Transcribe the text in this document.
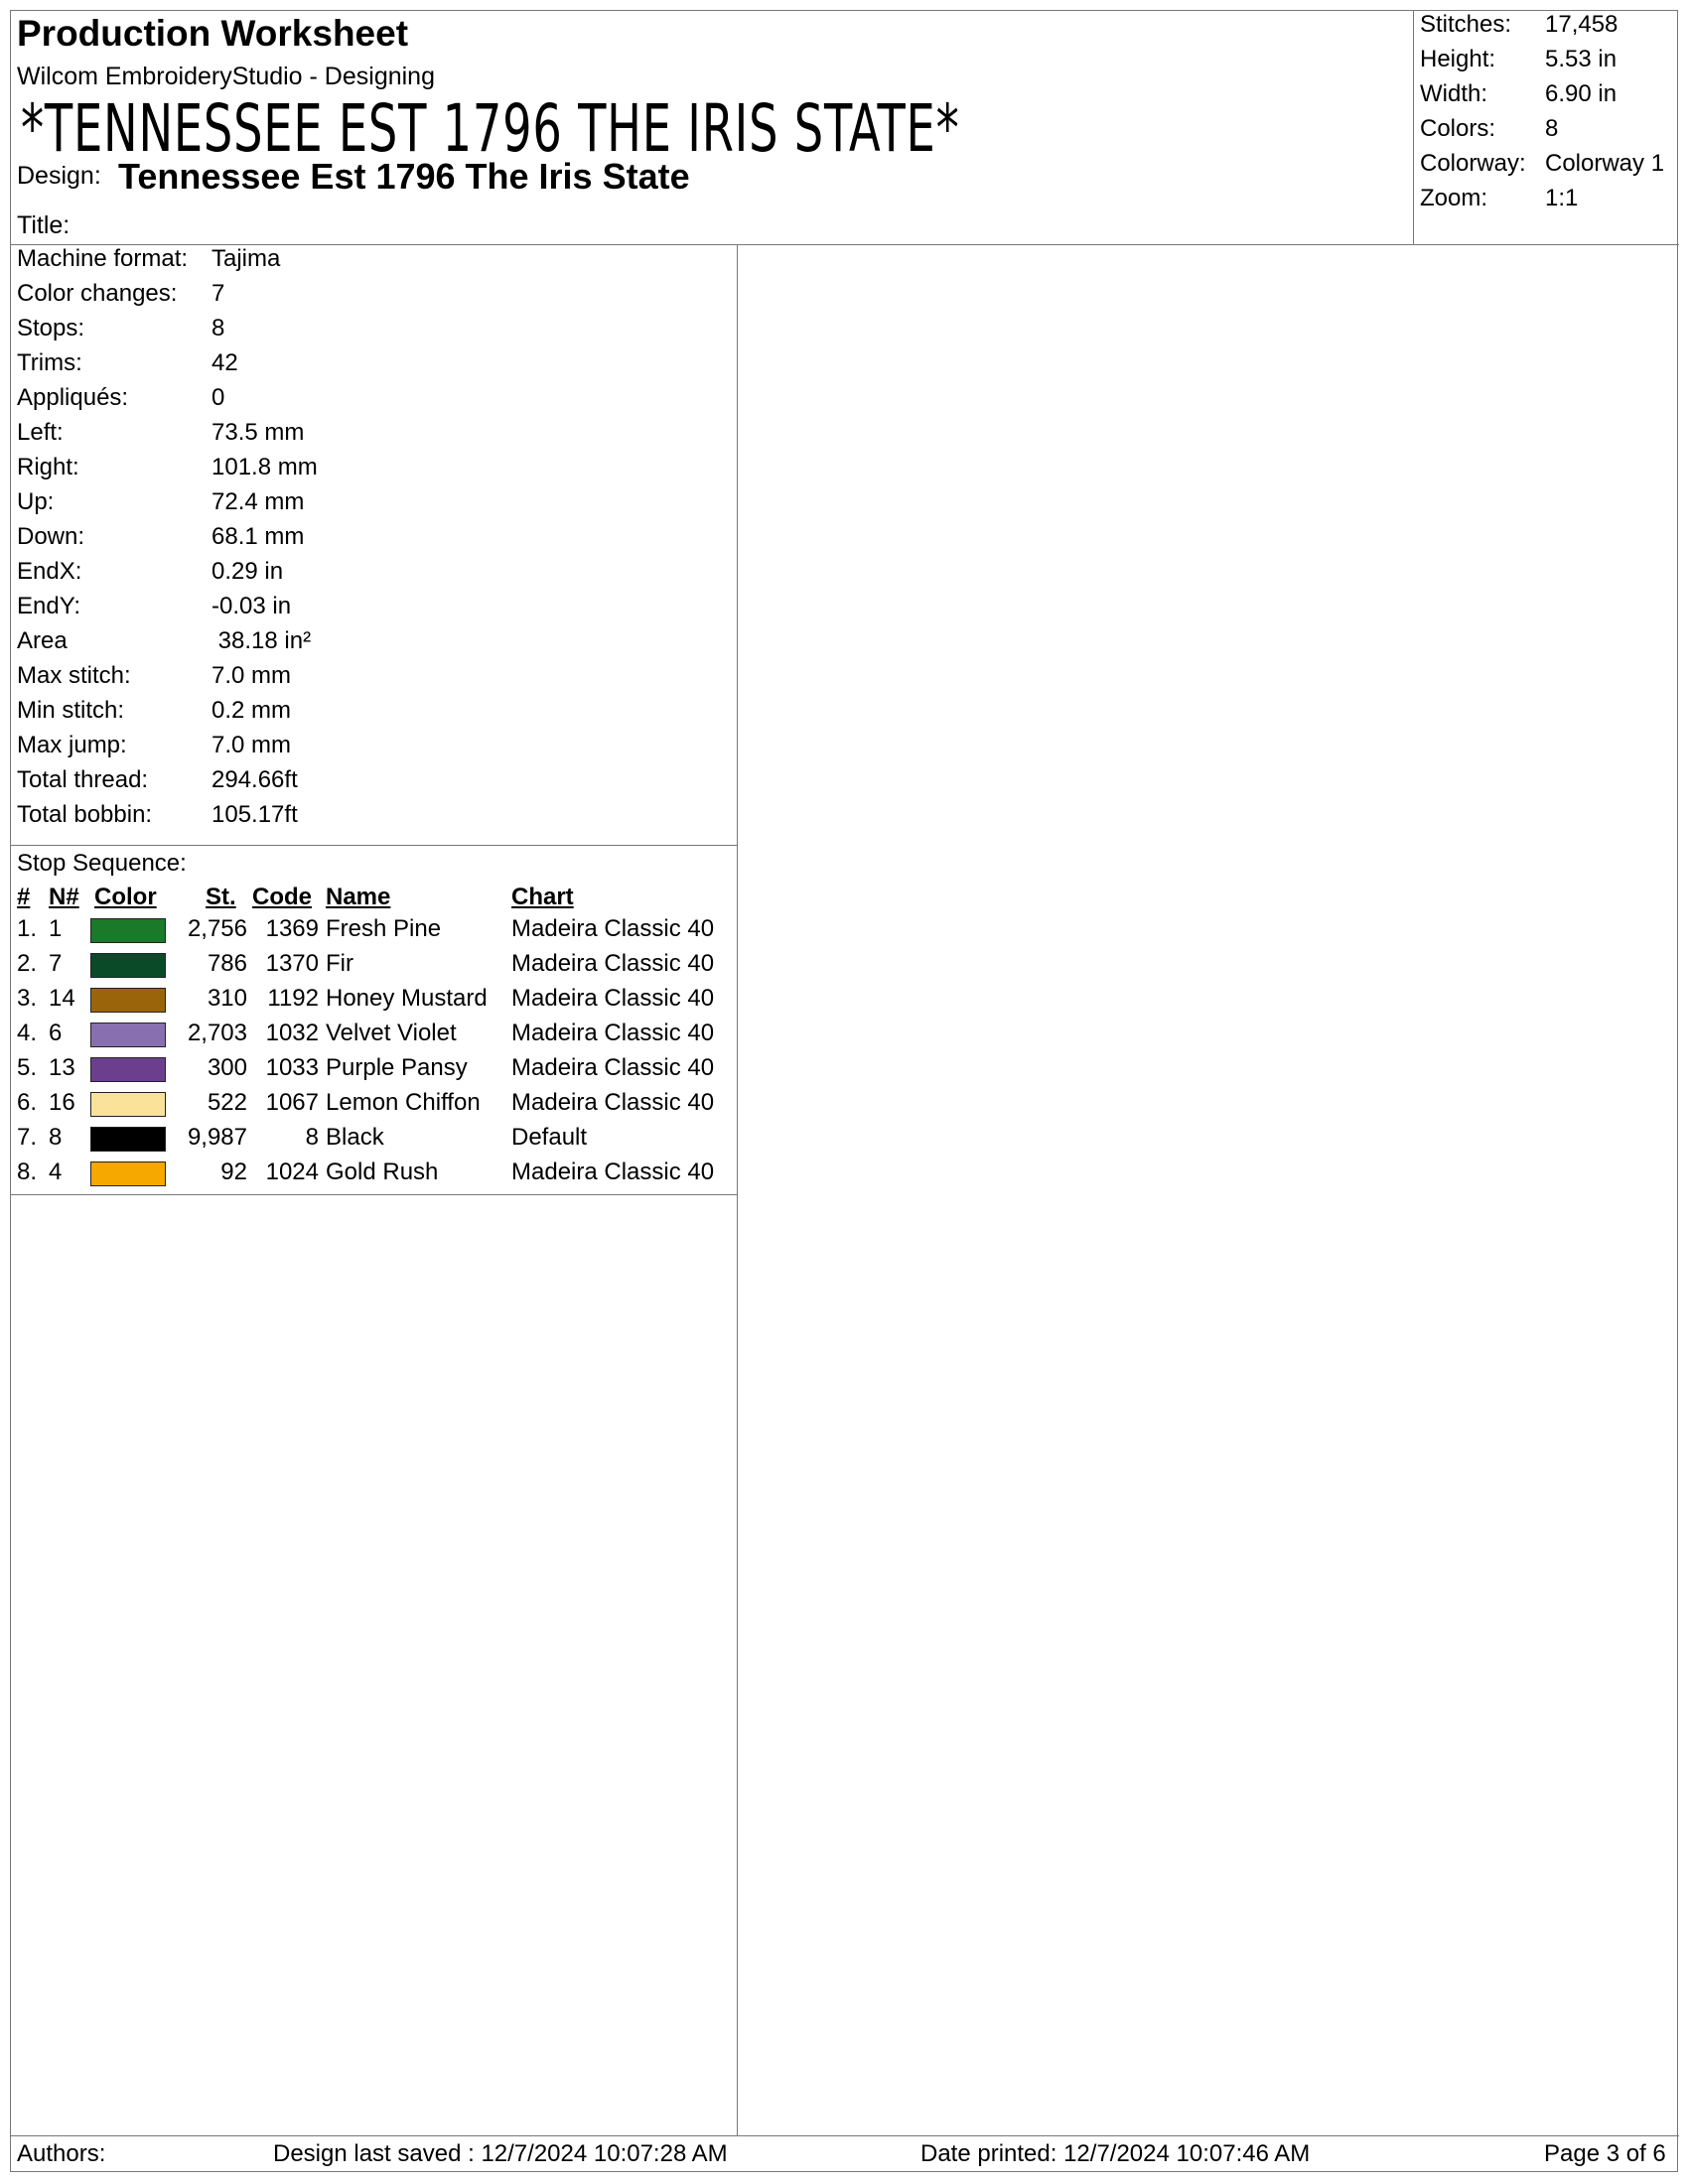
Production Worksheet
Wilcom EmbroideryStudio - Designing
*TENNESSEE EST 1796 THE IRIS STATE*
Design: Tennessee Est 1796 The Iris State
Title:
Stitches: 17,458
Height: 5.53 in
Width: 6.90 in
Colors: 8
Colorway: Colorway 1
Zoom: 1:1
Machine format: Tajima
Color changes: 7
Stops:	8
Trims:	42
Appliqués:	0
Left:	73.5 mm
Right:	101.8 mm
Up:	72.4 mm
Down:	68.1 mm
EndX:	0.29 in
EndY:	-0.03 in
Area	38.18 in²
Max stitch:	7.0 mm
Min stitch:	0.2 mm
Max jump:	7.0 mm
Total thread:	294.66ft
Total bobbin: 105.17ft
Stop Sequence:
# N# Color St. Code Name	Chart
1. 1	2,756 1369 Fresh Pine	Madeira Classic 40
2. 7	786 1370 Fir	Madeira Classic 40
3. 14	310 1192 Honey Mustard	Madeira Classic 40
4. 6	2,703 1032 Velvet Violet	Madeira Classic 40
5. 13	300 1033 Purple Pansy	Madeira Classic 40
6. 16	522 1067 Lemon Chiffon	Madeira Classic 40
7. 8	9,987	8 Black	Default
8. 4	92 1024 Gold Rush	Madeira Classic 40
Authors:	Design last saved : 12/7/2024 10:07:28 AM	Date printed: 12/7/2024 10:07:46 AM	Page 3 of 6
